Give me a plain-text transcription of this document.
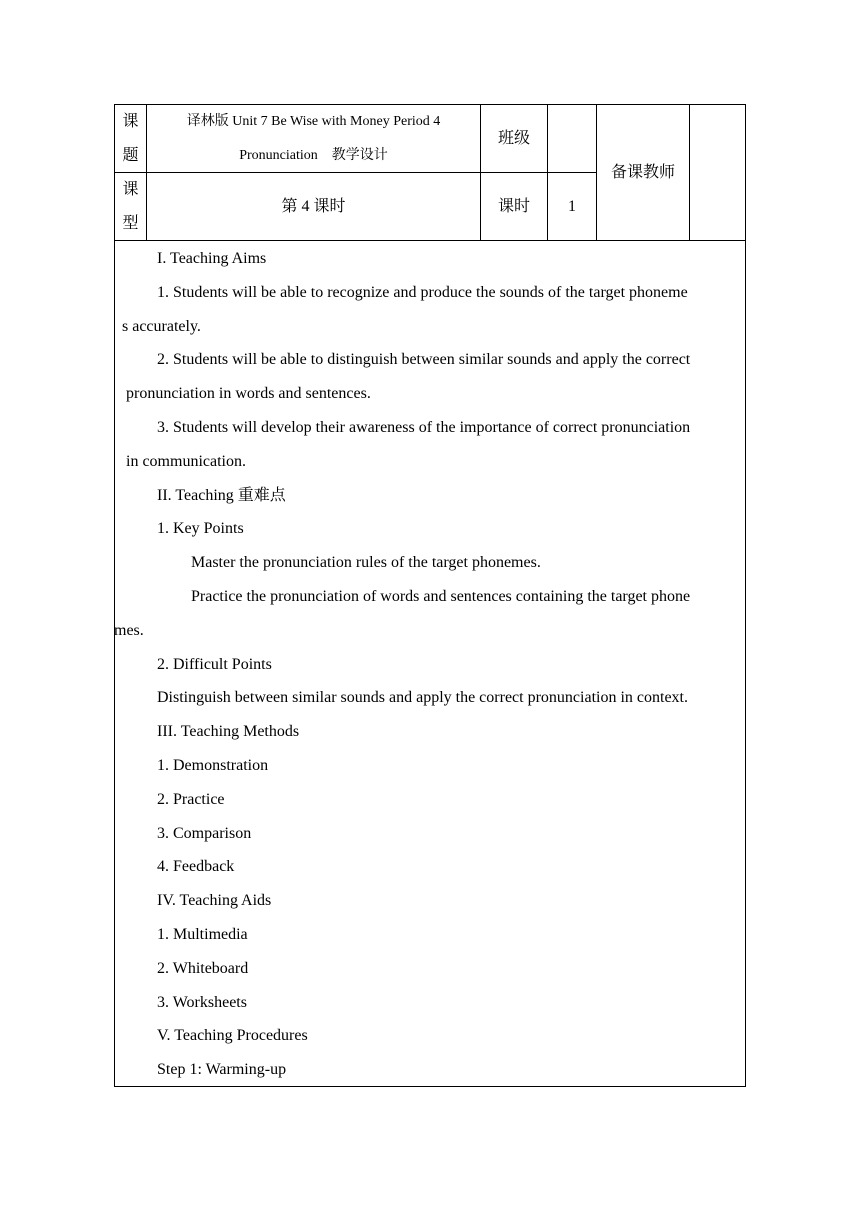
课
题
译林版 Unit 7 Be Wise with Money Period 4
Pronunciation    教学设计
班级
备课教师
课
型
第 4 课时	课时	1

I. Teaching Aims

1. Students will be able to recognize and produce the sounds of the target phoneme

s accurately.

2. Students will be able to distinguish between similar sounds and apply the correct

pronunciation in words and sentences.

3. Students will develop their awareness of the importance of correct pronunciation

in communication.

II. Teaching 重难点

1. Key Points

Master the pronunciation rules of the target phonemes.

Practice the pronunciation of words and sentences containing the target phone

mes.

2. Difficult Points

Distinguish between similar sounds and apply the correct pronunciation in context.

III. Teaching Methods

1. Demonstration

2. Practice

3. Comparison

4. Feedback

IV. Teaching Aids

1. Multimedia

2. Whiteboard

3. Worksheets

V. Teaching Procedures

Step 1: Warming-up
